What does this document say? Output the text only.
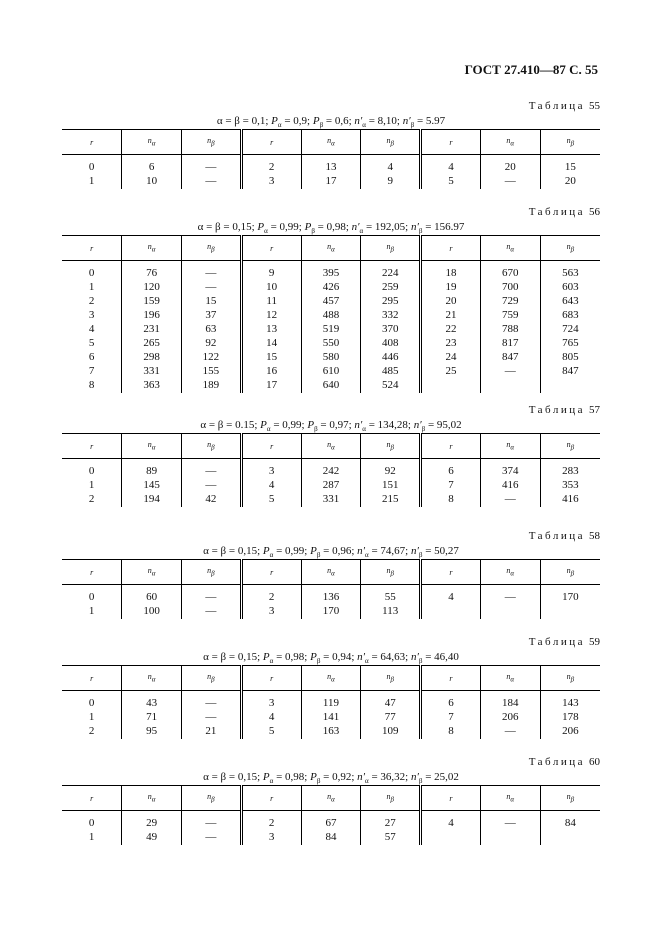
ГОСТ 27.410—87 С. 55
Таблица 55
α = β = 0,1; $P_\alpha = 0,9$; $P_\beta = 0,6$; $n'_\alpha = 8,10$; $n'_\beta = 5.97$
r	$n_\alpha$	$n_\beta$	r	$n_\alpha$	$n_\beta$	r	$n_\alpha$	$n_\beta$
0	6	—	2	13	4	4	20	15
1	10	—	3	17	9	5	—	20
Таблица 56
α = β = 0,15; $P_\alpha = 0,99$; $P_\beta = 0,98$; $n'_\alpha = 192,05$; $n'_\beta = 156.97$
r	$n_\alpha$	$n_\beta$	r	$n_\alpha$	$n_\beta$	r	$n_\alpha$	$n_\beta$
0	76	—	9	395	224	18	670	563
1	120	—	10	426	259	19	700	603
2	159	15	11	457	295	20	729	643
3	196	37	12	488	332	21	759	683
4	231	63	13	519	370	22	788	724
5	265	92	14	550	408	23	817	765
6	298	122	15	580	446	24	847	805
7	331	155	16	610	485	25	—	847
8	363	189	17	640	524			
Таблица 57
α = β = 0.15; $P_\alpha = 0,99$; $P_\beta = 0,97$; $n'_\alpha = 134,28$; $n'_\beta = 95,02$
r	$n_\alpha$	$n_\beta$	r	$n_\alpha$	$n_\beta$	r	$n_\alpha$	$n_\beta$
0	89	—	3	242	92	6	374	283
1	145	—	4	287	151	7	416	353
2	194	42	5	331	215	8	—	416
Таблица 58
α = β = 0,15; $P_\alpha = 0,99$; $P_\beta = 0,96$; $n'_\alpha = 74,67$; $n'_\beta = 50,27$
r	$n_\alpha$	$n_\beta$	r	$n_\alpha$	$n_\beta$	r	$n_\alpha$	$n_\beta$
0	60	—	2	136	55	4	—	170
1	100	—	3	170	113			
Таблица 59
α = β = 0,15; $P_\alpha = 0,98$; $P_\beta = 0,94$; $n'_\alpha = 64,63$; $n'_\beta = 46,40$
r	$n_\alpha$	$n_\beta$	r	$n_\alpha$	$n_\beta$	r	$n_\alpha$	$n_\beta$
0	43	—	3	119	47	6	184	143
1	71	—	4	141	77	7	206	178
2	95	21	5	163	109	8	—	206
Таблица 60
α = β = 0,15; $P_\alpha = 0,98$; $P_\beta = 0,92$; $n'_\alpha = 36,32$; $n'_\beta = 25,02$
r	$n_\alpha$	$n_\beta$	r	$n_\alpha$	$n_\beta$	r	$n_\alpha$	$n_\beta$
0	29	—	2	67	27	4	—	84
1	49	—	3	84	57			
